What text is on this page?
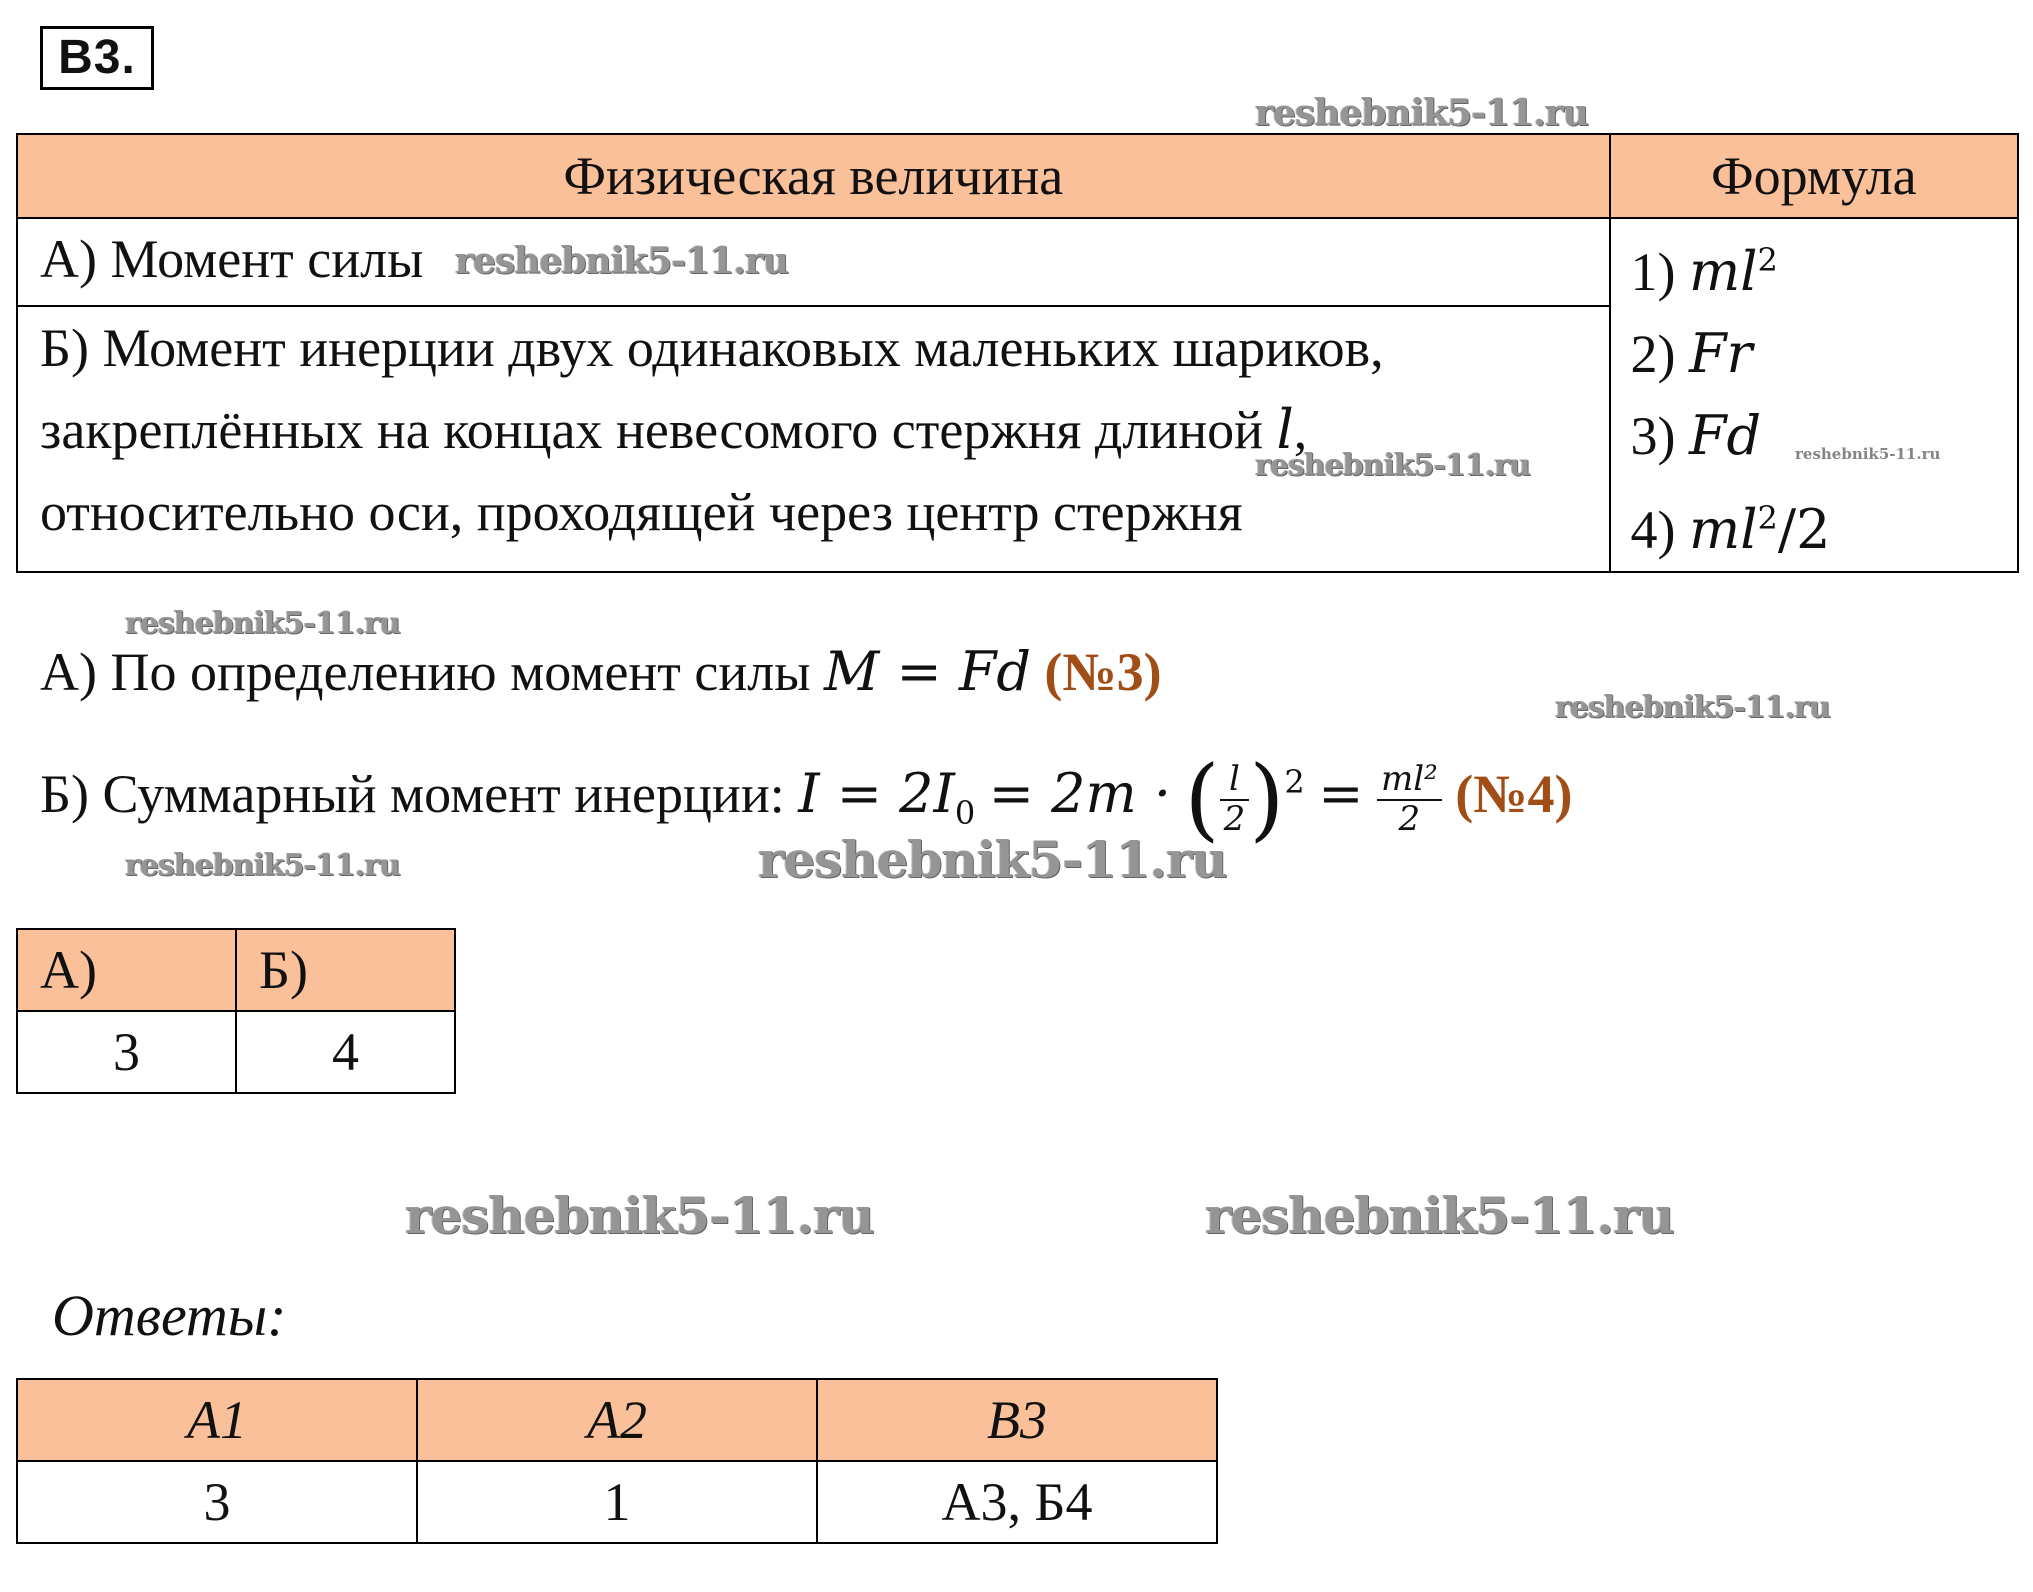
В3.
Физическая величина	Формула
А) Момент силы	1) $ml^2$
2) Fr
3) Fd
4) $ml^2/2$

Б) Момент инерции двух одинаковых маленьких шариков,
закреплённых на концах невесомого стержня длиной l,
относительно оси, проходящей через центр стержня	
А) По определению момент силы M = Fd (№3)
Б) Суммарный момент инерции: $I = 2I_0 = 2m$ · ( $\frac{l}{2} )^2 = \frac{\text{ml²}}{2}$ (№4)
А)	Б)
3	4
Ответы:
А1	А2	В3
3	1	А3, Б4
reshebnik5-11.ru
reshebnik5-11.ru
reshebnik5-11.ru	reshebnik5-11.ru
reshebnik5-11.ru
reshebnik5-11.ru
reshebnik5-11.ru	reshebnik5-11.ru
reshebnik5-11.ru	reshebnik5-11.ru
